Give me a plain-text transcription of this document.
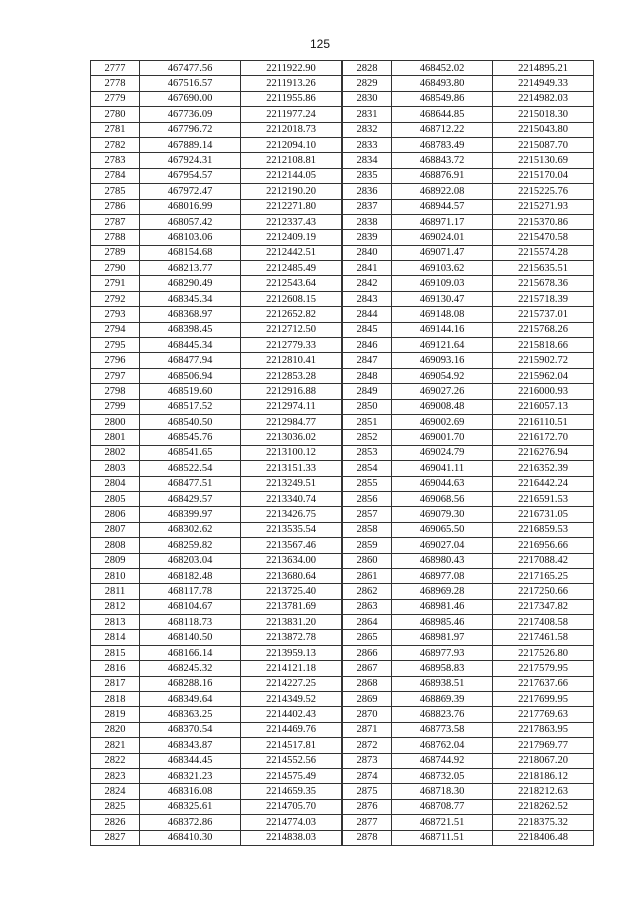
125
2777	467477.56	2211922.90
2778	467516.57	2211913.26
2779	467690.00	2211955.86
2780	467736.09	2211977.24
2781	467796.72	2212018.73
2782	467889.14	2212094.10
2783	467924.31	2212108.81
2784	467954.57	2212144.05
2785	467972.47	2212190.20
2786	468016.99	2212271.80
2787	468057.42	2212337.43
2788	468103.06	2212409.19
2789	468154.68	2212442.51
2790	468213.77	2212485.49
2791	468290.49	2212543.64
2792	468345.34	2212608.15
2793	468368.97	2212652.82
2794	468398.45	2212712.50
2795	468445.34	2212779.33
2796	468477.94	2212810.41
2797	468506.94	2212853.28
2798	468519.60	2212916.88
2799	468517.52	2212974.11
2800	468540.50	2212984.77
2801	468545.76	2213036.02
2802	468541.65	2213100.12
2803	468522.54	2213151.33
2804	468477.51	2213249.51
2805	468429.57	2213340.74
2806	468399.97	2213426.75
2807	468302.62	2213535.54
2808	468259.82	2213567.46
2809	468203.04	2213634.00
2810	468182.48	2213680.64
2811	468117.78	2213725.40
2812	468104.67	2213781.69
2813	468118.73	2213831.20
2814	468140.50	2213872.78
2815	468166.14	2213959.13
2816	468245.32	2214121.18
2817	468288.16	2214227.25
2818	468349.64	2214349.52
2819	468363.25	2214402.43
2820	468370.54	2214469.76
2821	468343.87	2214517.81
2822	468344.45	2214552.56
2823	468321.23	2214575.49
2824	468316.08	2214659.35
2825	468325.61	2214705.70
2826	468372.86	2214774.03
2827	468410.30	2214838.03
2828	468452.02	2214895.21
2829	468493.80	2214949.33
2830	468549.86	2214982.03
2831	468644.85	2215018.30
2832	468712.22	2215043.80
2833	468783.49	2215087.70
2834	468843.72	2215130.69
2835	468876.91	2215170.04
2836	468922.08	2215225.76
2837	468944.57	2215271.93
2838	468971.17	2215370.86
2839	469024.01	2215470.58
2840	469071.47	2215574.28
2841	469103.62	2215635.51
2842	469109.03	2215678.36
2843	469130.47	2215718.39
2844	469148.08	2215737.01
2845	469144.16	2215768.26
2846	469121.64	2215818.66
2847	469093.16	2215902.72
2848	469054.92	2215962.04
2849	469027.26	2216000.93
2850	469008.48	2216057.13
2851	469002.69	2216110.51
2852	469001.70	2216172.70
2853	469024.79	2216276.94
2854	469041.11	2216352.39
2855	469044.63	2216442.24
2856	469068.56	2216591.53
2857	469079.30	2216731.05
2858	469065.50	2216859.53
2859	469027.04	2216956.66
2860	468980.43	2217088.42
2861	468977.08	2217165.25
2862	468969.28	2217250.66
2863	468981.46	2217347.82
2864	468985.46	2217408.58
2865	468981.97	2217461.58
2866	468977.93	2217526.80
2867	468958.83	2217579.95
2868	468938.51	2217637.66
2869	468869.39	2217699.95
2870	468823.76	2217769.63
2871	468773.58	2217863.95
2872	468762.04	2217969.77
2873	468744.92	2218067.20
2874	468732.05	2218186.12
2875	468718.30	2218212.63
2876	468708.77	2218262.52
2877	468721.51	2218375.32
2878	468711.51	2218406.48
